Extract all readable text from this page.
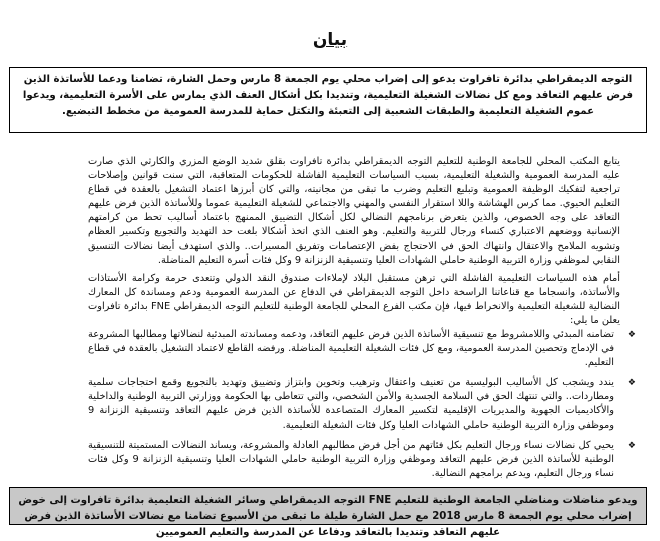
بيان
التوجه الديمقراطي بدائرة تافراوت يدعو إلى إضراب محلي يوم الجمعة 8 مارس وحمل الشارة، تضامنا ودعما للأساتذة الذين فرض عليهم التعاقد ومع كل نضالات الشغيلة التعليمية، وتنديدا بكل أشكال العنف الذي يمارس على الأسرة التعليمية، ويدعوا عموم الشغيلة التعليمية والطبقات الشعبية إلى التعبئة والتكتل حماية للمدرسة العمومية من مخطط التبضيع.
يتابع المكتب المحلي للجامعة الوطنية للتعليم التوجه الديمقراطي بدائرة تافراوت بقلق شديد الوضع المزري والكارثي الذي صارت عليه المدرسة العمومية والشغيلة التعليمية، بسبب السياسات التعليمية الفاشلة للحكومات المتعاقبة، التي سنت قوانين وإصلاحات تراجعية لتفكيك الوظيفة العمومية وتبليع التعليم وضرب ما تبقى من مجانيته، والتي كان أبرزها اعتماد التشغيل بالعقدة في قطاع التعليم الحيوي. مما كرس الهشاشة واللا استقرار النفسي والمهني والاجتماعي للشغيلة التعليمية عموما وللأساتذة الذين فرض عليهم التعاقد على وجه الخصوص، والذين يتعرض برنامجهم النضالي لكل أشكال التضييق الممنهج باعتماد أساليب تحط من كرامتهم الإنسانية ووضعهم الاعتباري كنساء ورجال للتربية والتعليم. وهو العنف الذي اتخذ أشكالا بلغت حد التهديد والتجويع وتكسير العظام وتشويه الملامح والاعتقال وانتهاك الحق في الاحتجاج بفض الإعتصامات وتفريق المسيرات.. والذي استهدف أيضا نضالات التنسيق النقابي لموظفي وزارة التربية الوطنية حاملي الشهادات العليا وتنسيقية الزنزانة 9 وكل فئات أسرة التعليم المناضلة.
أمام هذه السياسات التعليمية الفاشلة التي ترهن مستقبل البلاد لإملاءات صندوق النقد الدولي وتتعدى حرمة وكرامة الأستاذات والأساتذة، وانسجاما مع قناعاتنا الراسخة داخل التوجه الديمقراطي في الدفاع عن المدرسة العمومية ودعم ومساندة كل المعارك النضالية للشغيلة التعليمية والانخراط فيها، فإن مكتب الفرع المحلي للجامعة الوطنية للتعليم التوجه الديمقراطي FNE بدائرة تافراوت يعلن ما يلي:
❖
تضامنه المبدئي واللامشروط مع تنسيقية الأساتذة الذين فرض عليهم التعاقد، ودعمه ومساندته المبدئية لنضالاتها ومطالبها المشروعة في الإدماج وتحصين المدرسة العمومية، ومع كل فئات الشغيلة التعليمية المناضلة. ورفضه القاطع لاعتماد التشغيل بالعقدة في قطاع التعليم.
❖
يندد ويشجب كل الأساليب البوليسية من تعنيف واعتقال وترهيب وتخوين وابتزاز وتضييق وتهديد بالتجويع وقمع احتجاجات سلمية ومطاردات.. والتي تنتهك الحق في السلامة الجسدية والأمن الشخصي، والتي تتعاطى بها الحكومة ووزارتي التربية الوطنية والداخلية والأكاديميات الجهوية والمديريات الإقليمية لتكسير المعارك المتصاعدة للأساتذة الذين فرض عليهم التعاقد وتنسيقية الزنزانة 9 وموظفي وزارة التربية الوطنية حاملي الشهادات العليا وكل فئات الشغيلة التعليمية.
❖
يحيي كل نضالات نساء ورجال التعليم بكل فئاتهم من أجل فرض مطالبهم العادلة والمشروعة، ويساند النضالات المستميتة للتنسيقية الوطنية للأساتذة الذين فرض عليهم التعاقد وموظفي وزارة التربية الوطنية حاملي الشهادات العليا وتنسيقية الزنزانة 9 وكل فئات نساء ورجال التعليم، ويدعم برامجهم النضالية.
ويدعو مناضلات ومناضلي الجامعة الوطنية للتعليم FNE التوجه الديمقراطي وسائر الشغيلة التعليمية بدائرة تافراوت إلى خوض إضراب محلي يوم الجمعة 8 مارس 2018 مع حمل الشارة طيلة ما تبقى من الأسبوع تضامنا مع نضالات الأساتذة الذين فرض عليهم التعاقد وتنديدا بالتعاقد ودفاعا عن المدرسة والتعليم العموميين
